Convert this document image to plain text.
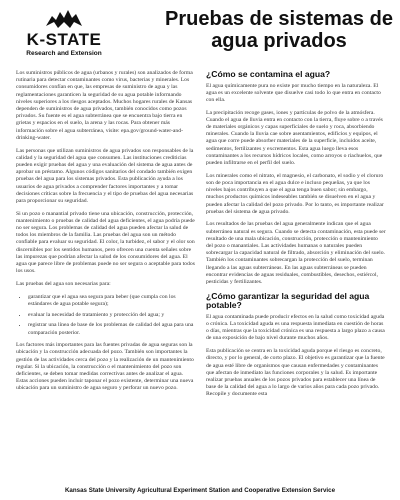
K-STATE
Research and Extension
Pruebas de sistemas de
agua privados

Los suministros públicos de agua (urbanos y rurales) son analizados de forma rutinaria para detectar contaminantes como virus, bacterias y minerales. Los consumidores confían en que, las empresas de suministro de agua y las reglamentaciones garanticen la seguridad de su agua potable informando niveles superiores a los riesgos aceptados. Muchos hogares rurales de Kansas dependen de suministros de agua privados, también conocidos como pozos privados. Su fuente es el agua subterránea que se encuentra bajo tierra en grietas y espacios en el suelo, la arena y las rocas. Para obtener más información sobre el agua subterránea, visite: epa.gov/ground-water-and-drinking-water.

Las personas que utilizan suministros de agua privados son responsables de la calidad y la seguridad del agua que consumen. Las instituciones crediticias pueden exigir pruebas del agua y una evaluación del sistema de agua antes de aprobar un préstamo. Algunos códigos sanitarios del condado también exigen pruebas del agua para los sistemas privados. Esta publicación ayuda a los usuarios de agua privados a comprender factores importantes y a tomar decisiones críticas sobre la frecuencia y el tipo de pruebas del agua necesarias para proporcionar su seguridad.

Si un pozo o manantial privado tiene una ubicación, construcción, protección, mantenimiento o pruebas de calidad del agua deficientes, el agua podría puede no ser segura. Los problemas de calidad del agua pueden afectar la salud de todos los miembros de la familia. Las pruebas del agua son un método confiable para evaluar su seguridad. El color, la turbidez, el sabor y el olor son discernibles por los sentidos humanos, pero ofrecen una cuenta señales sobre las impurezas que podrían afectar la salud de los consumidores del agua. El agua que parece libre de problemas puede no ser segura o aceptable para todos los usos.

Las pruebas del agua son necesarias para:

• garantizar que el agua sea segura para beber (que cumpla con los estándares de agua potable segura);
• evaluar la necesidad de tratamiento y protección del agua; y
• registrar una línea de base de los problemas de calidad del agua para una comparación posterior.

Los factores más importantes para las fuentes privadas de agua seguras son la ubicación y la construcción adecuada del pozo. También son importantes la gestión de las actividades cerca del pozo y la realización de un mantenimiento regular. Si la ubicación, la construcción o el mantenimiento del pozo son deficientes, se deben tomar medidas correctivas antes de analizar el agua. Estas acciones pueden incluir taponar el pozo existente, determinar una nueva ubicación para un suministro de agua seguro y perforar un nuevo pozo.

¿Cómo se contamina el agua?

El agua químicamente pura no existe por mucho tiempo en la naturaleza. El agua es un excelente solvente que disuelve casi todo lo que entra en contacto con ella.

La precipitación recoge gases, iones y partículas de polvo de la atmósfera. Cuando el agua de lluvia entra en contacto con la tierra, fluye sobre o a través de materiales orgánicos y capas superficiales de suelo y roca, absorbiendo minerales. Cuando la lluvia cae sobre asentamientos, edificios y equipos, el agua que corre puede absorber materiales de la superficie, incluidos aceite, sedimentos, fertilizantes y excrementos. Esta agua luego lleva esos contaminantes a los recursos hídricos locales, como arroyos o riachuelos, que pueden infiltrarse en el perfil del suelo.

Los minerales como el nitrato, el magnesio, el carbonato, el sodio y el cloruro son de poca importancia en el agua dulce e incluso pequeñas, ya que los niveles bajos contribuyen a que el agua tenga buen sabor; sin embargo, muchos productos químicos indeseables también se disuelven en el agua y pueden afectar la calidad del pozo privado. Por lo tanto, es importante realizar pruebas del sistema de agua privado.

Los resultados de las pruebas del agua generalmente indican que el agua subterránea natural es segura. Cuando se detecta contaminación, esta puede ser resultado de una mala ubicación, construcción, protección o mantenimiento del pozo o manantiales. Las actividades humanas o naturales pueden sobrecargar la capacidad natural de filtrado, absorción y eliminación del suelo. También los contaminantes sobrecargan la protección del suelo, terminan llegando a las aguas subterráneas. En las aguas subterráneas se pueden encontrar evidencias de aguas residuales, combustibles, desechos, estiércol, pesticidas y fertilizantes.

¿Cómo garantizar la seguridad del agua potable?

El agua contaminada puede producir efectos en la salud como toxicidad aguda o crónica. La toxicidad aguda es una respuesta inmediata en cuestión de horas o días, mientras que la toxicidad crónica es una respuesta a largo plazo a causa de una exposición de bajo nivel durante muchos años.

Esta publicación se centra en la toxicidad aguda porque el riesgo es concreto, directo, y por lo general, de corto plazo. El objetivo es garantizar que la fuente de agua esté libre de organismos que causan enfermedades y contaminantes que afectan de inmediato las funciones corporales y la salud. Es importante realizar pruebas anuales de los pozos privados para establecer una línea de base de la calidad del agua a lo largo de varios años para cada pozo privado. Recopile y documente esta

Kansas State University Agricultural Experiment Station and Cooperative Extension Service
